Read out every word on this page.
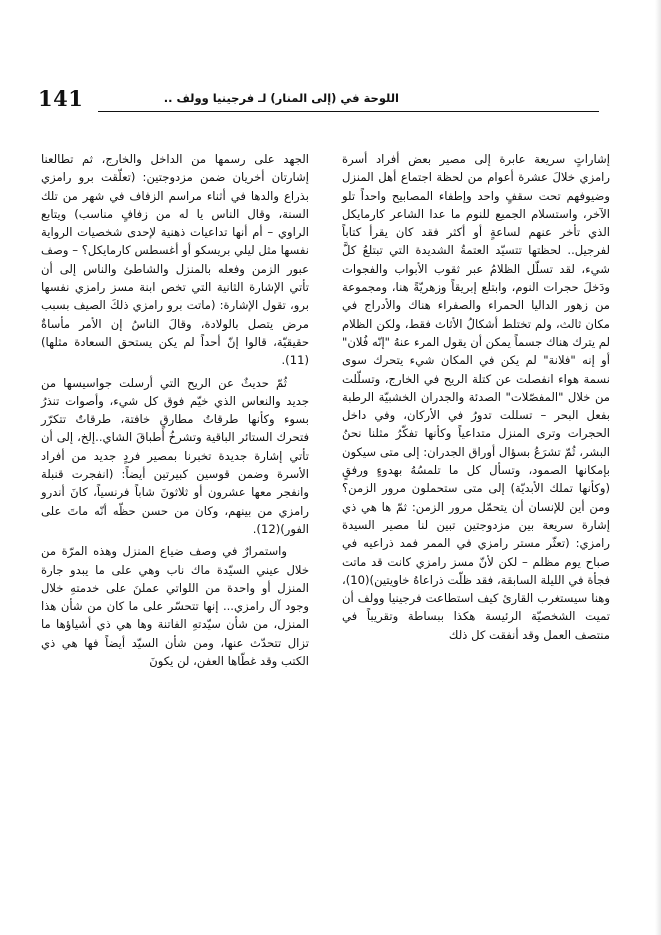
141	اللوحة في (إلى المنار) لـ فرجينيا وولف ..

إشاراتٍ سريعة عابرة إلى مصير بعض أفراد أسرة رامزي خلالَ عشرة أعوام من لحظة اجتماع أهل المنزل وضيوفهم تحت سقفٍ واحد وإطفاء المصابيح واحداً تلو الآخر، واستسلام الجميع للنوم ما عدا الشاعر كارمايكل الذي تأخر عنهم لساعةٍ أو أكثر فقد كان يقرأ كتاباً لفرجيل.. لحظتها تتسيّد العتمةُ الشديدة التي تبتلعُ كلَّ شيء، لقد تسلّل الظلامُ عبر ثقوب الأبواب والفجوات ودَخلَ حجرات النوم، وابتلع إبريقاً وزهريّةً هنا، ومجموعة من زهور الداليا الحمراء والصفراء هناك والأدراج في مكان ثالث، ولم تختلط أشكالُ الأثاث فقط، ولكن الظلام لم يترك هناك جسماً يمكن أن يقول المرء عنهُ "إنّه فُلان" أو إنه "فلانة" لم يكن في المكان شيء يتحرك سوى نسمة هواء انفصلت عن كتلة الريح في الخارج، وتسلّلت من خلال "المفصّلات" الصدئة والجدران الخشبيّة الرطبة بفعل البحر – تسللت تدورُ في الأركان، وفي داخل الحجرات وترى المنزل متداعياً وكأنها تفكّرُ مثلنا نحنُ البشر، ثُمّ تشرَعُ بسؤال أوراق الجدران: إلى متى سيكون بإمكانها الصمود، وتسأل كل ما تلمسُهُ بهدوءٍ ورفقٍ (وكأنها تملك الأبديّة) إلى متى ستحملون مرور الزمن؟ ومن أين للإنسان أن يتحمّل مرور الزمن: ثمّ ها هي ذي إشارة سريعة بين مزدوجتين تبين لنا مصير السيدة رامزي: (تعثّر مستر رامزي في الممر فمد ذراعيه في صباح يوم مظلم – لكن لأنّ مسز رامزي كانت قد ماتت فجأة في الليلة السابقة، فقد ظلّت ذراعاهُ خاويتين)(10)، وهنا سيستغرب القارئ كيف استطاعت فرجينيا وولف أن تميت الشخصيّة الرئيسة هكذا ببساطة وتقريباً في منتصف العمل وقد أنفقت كل ذلك

الجهد على رسمها من الداخل والخارج، ثم تطالعنا إشارتان أخريان ضمن مزدوجتين: (تعلّقت برو رامزي بذراع والدها في أثناء مراسم الزفاف في شهر من تلك السنة، وقال الناس يا له من زفافٍ مناسب) ويتابع الراوي – أم أنها تداعيات ذهنية لإحدى شخصيات الرواية نفسها مثل ليلي بريسكو أو أغسطس كارمايكل؟ – وصف عبور الزمن وفعله بالمنزل والشاطئ والناس إلى أن تأتي الإشارة الثانية التي تخص ابنة مسز رامزي نفسها برو، تقول الإشارة: (ماتت برو رامزي ذلكَ الصيف بسبب مرض يتصل بالولادة، وقالَ الناسُ إن الأمر مأساةٌ حقيقيّة، قالوا إنّ أحداً لم يكن يستحق السعادة مثلها)(11).

ثُمّ حديثٌ عن الريح التي أرسلت جواسيسها من جديد والنعاس الذي خيّم فوق كل شيء، وأصوات تنذرُ بسوء وكأنها طرقاتُ مطارقٍ خافتة، طرقاتٌ تتكرّر فتحرك الستائر الباقية وتشرخُ أطباقَ الشاي..إلخ، إلى أن تأتي إشارة جديدة تخبرنا بمصير فردٍ جديد من أفراد الأسرة وضمن قوسين كبيرتين أيضاً: (انفجرت قنبلة وانفجر معها عشرون أو ثلاثونَ شاباً فرنسياً، كانَ أندرو رامزي من بينهم، وكان من حسن حظّه أنّه ماتَ على الفور)(12).

واستمرارٌ في وصف ضياع المنزل وهذه المرّة من خلال عيني السيّدة ماك ناب وهي على ما يبدو جارة المنزل أو واحدة من اللواتي عملنَ على خدمتهِ خلال وجود آل رامزي... إنها تتحسّر على ما كان من شأن هذا المنزل، من شأن سيّدتهِ الفاتنة وها هي ذي أشياؤها ما تزال تتحدّث عنها، ومن شأن السيّد أيضاً فها هي ذي الكتب وقد غطّاها العفن، لن يكونَ
